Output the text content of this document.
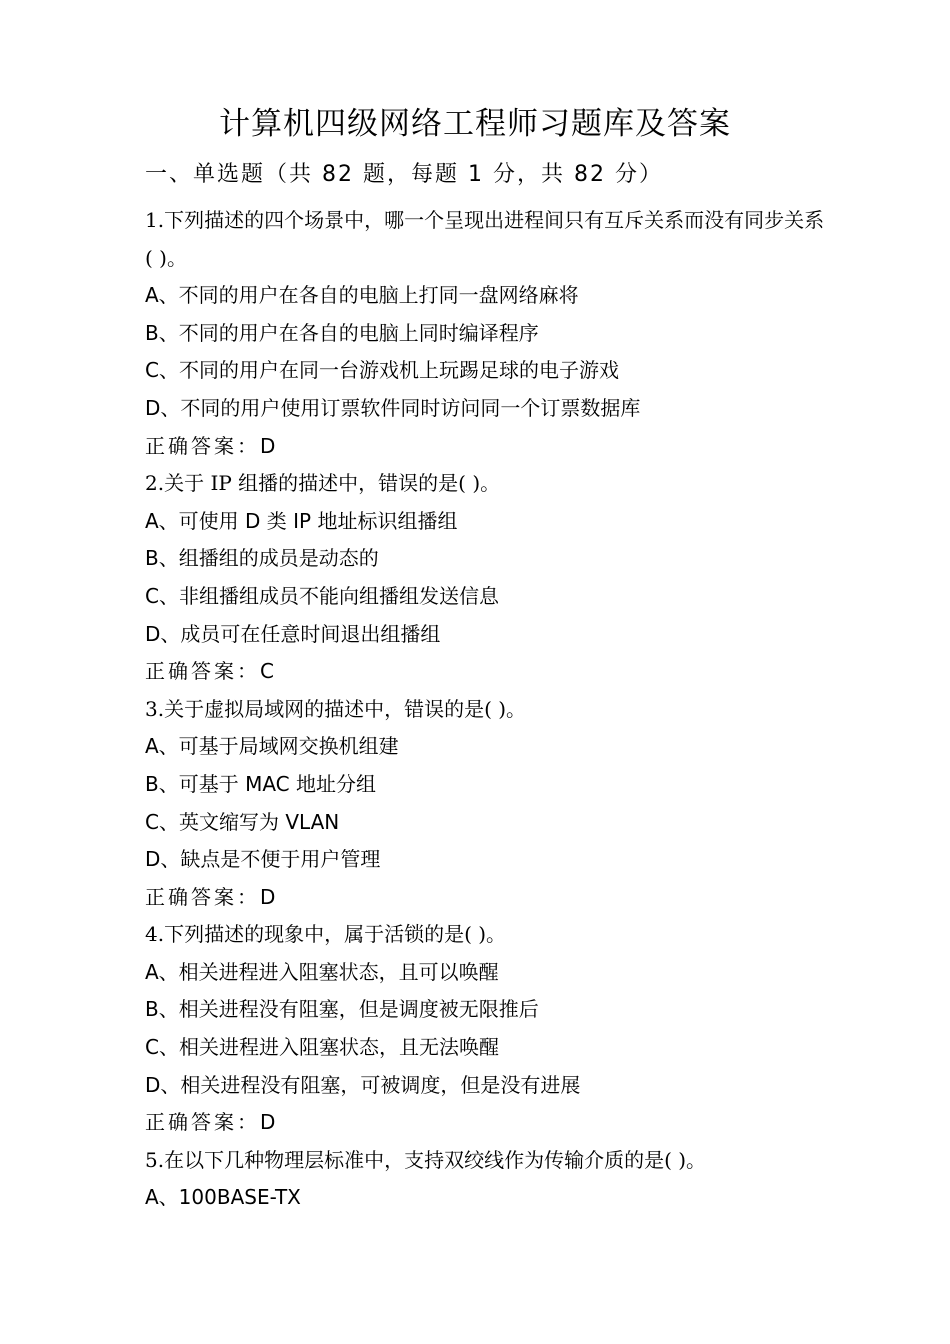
计算机四级网络工程师习题库及答案
一、单选题（共 82 题，每题 1 分，共 82 分）
1.下列描述的四个场景中，哪一个呈现出进程间只有互斥关系而没有同步关系( )。
A、不同的用户在各自的电脑上打同一盘网络麻将
B、不同的用户在各自的电脑上同时编译程序
C、不同的用户在同一台游戏机上玩踢足球的电子游戏
D、不同的用户使用订票软件同时访问同一个订票数据库
正确答案：D
2.关于 IP 组播的描述中，错误的是( )。
A、可使用 D 类 IP 地址标识组播组
B、组播组的成员是动态的
C、非组播组成员不能向组播组发送信息
D、成员可在任意时间退出组播组
正确答案：C
3.关于虚拟局域网的描述中，错误的是( )。
A、可基于局域网交换机组建
B、可基于 MAC 地址分组
C、英文缩写为 VLAN
D、缺点是不便于用户管理
正确答案：D
4.下列描述的现象中，属于活锁的是( )。
A、相关进程进入阻塞状态，且可以唤醒
B、相关进程没有阻塞，但是调度被无限推后
C、相关进程进入阻塞状态，且无法唤醒
D、相关进程没有阻塞，可被调度，但是没有进展
正确答案：D
5.在以下几种物理层标准中，支持双绞线作为传输介质的是( )。
A、100BASE-TX
